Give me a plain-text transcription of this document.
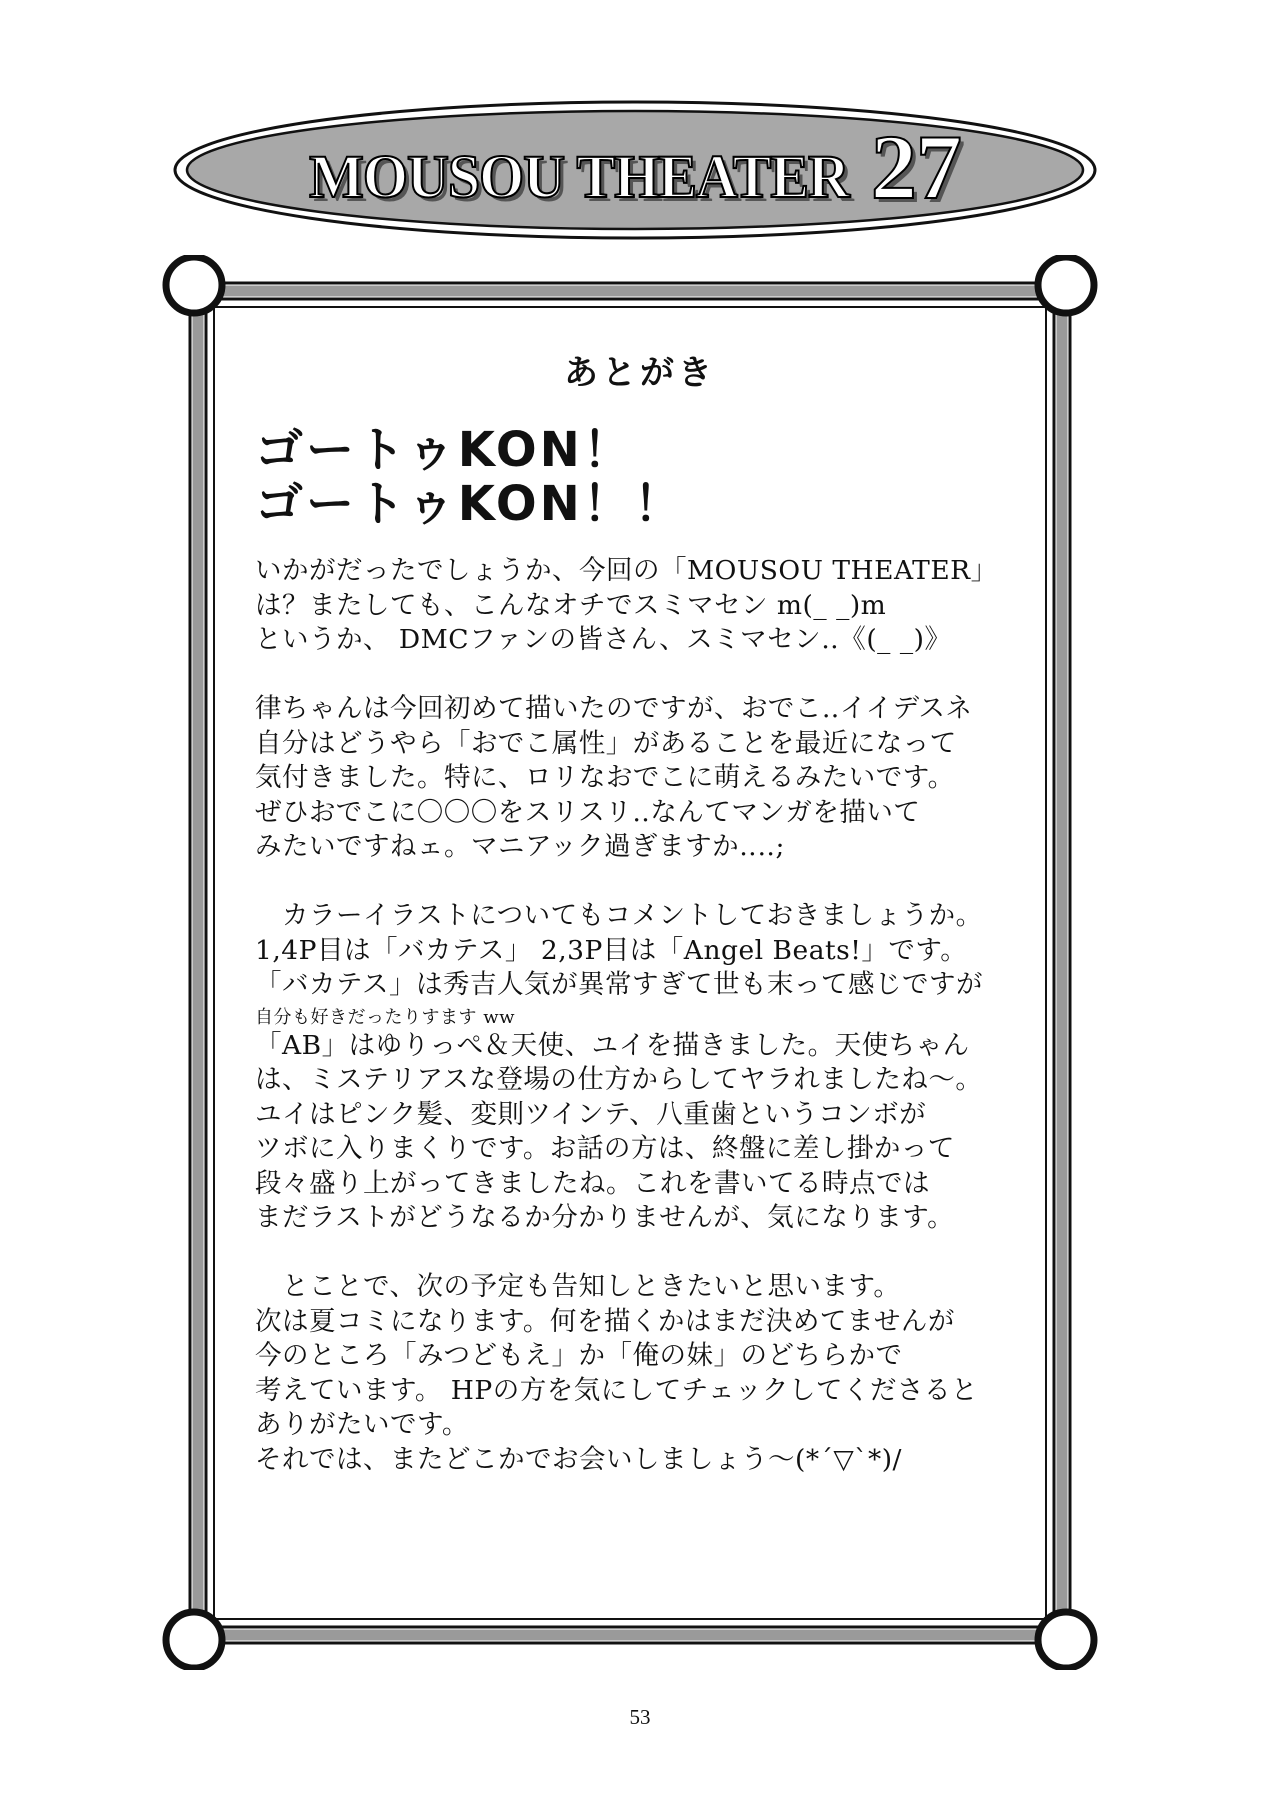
MOUSOU THEATER 27
あとがき
ゴートゥKON！
ゴートゥKON！！
いかがだったでしょうか、今回の「MOUSOU THEATER」
は？またしても、こんなオチでスミマセン m(_ _)m
というか、 DMCファンの皆さん、スミマセン‥《(_ _)》
律ちゃんは今回初めて描いたのですが、おでこ‥イイデスネ
自分はどうやら「おでこ属性」があることを最近になって
気付きました。特に、ロリなおでこに萌えるみたいです。
ぜひおでこに〇〇〇をスリスリ‥なんてマンガを描いて
みたいですねェ。マニアック過ぎますか‥‥;
　カラーイラストについてもコメントしておきましょうか。
1,4P目は「バカテス」 2,3P目は「Angel Beats!」です。
「バカテス」は秀吉人気が異常すぎて世も末って感じですが
自分も好きだったりすます ww
「AB」はゆりっぺ＆天使、ユイを描きました。天使ちゃん
は、ミステリアスな登場の仕方からしてヤラれましたね～。
ユイはピンク髪、変則ツインテ、八重歯というコンボが
ツボに入りまくりです。お話の方は、終盤に差し掛かって
段々盛り上がってきましたね。これを書いてる時点では
まだラストがどうなるか分かりませんが、気になります。
　とことで、次の予定も告知しときたいと思います。
次は夏コミになります。何を描くかはまだ決めてませんが
今のところ「みつどもえ」か「俺の妹」のどちらかで
考えています。 HPの方を気にしてチェックしてくださると
ありがたいです。
それでは、またどこかでお会いしましょう～(*´▽`*)/
53
